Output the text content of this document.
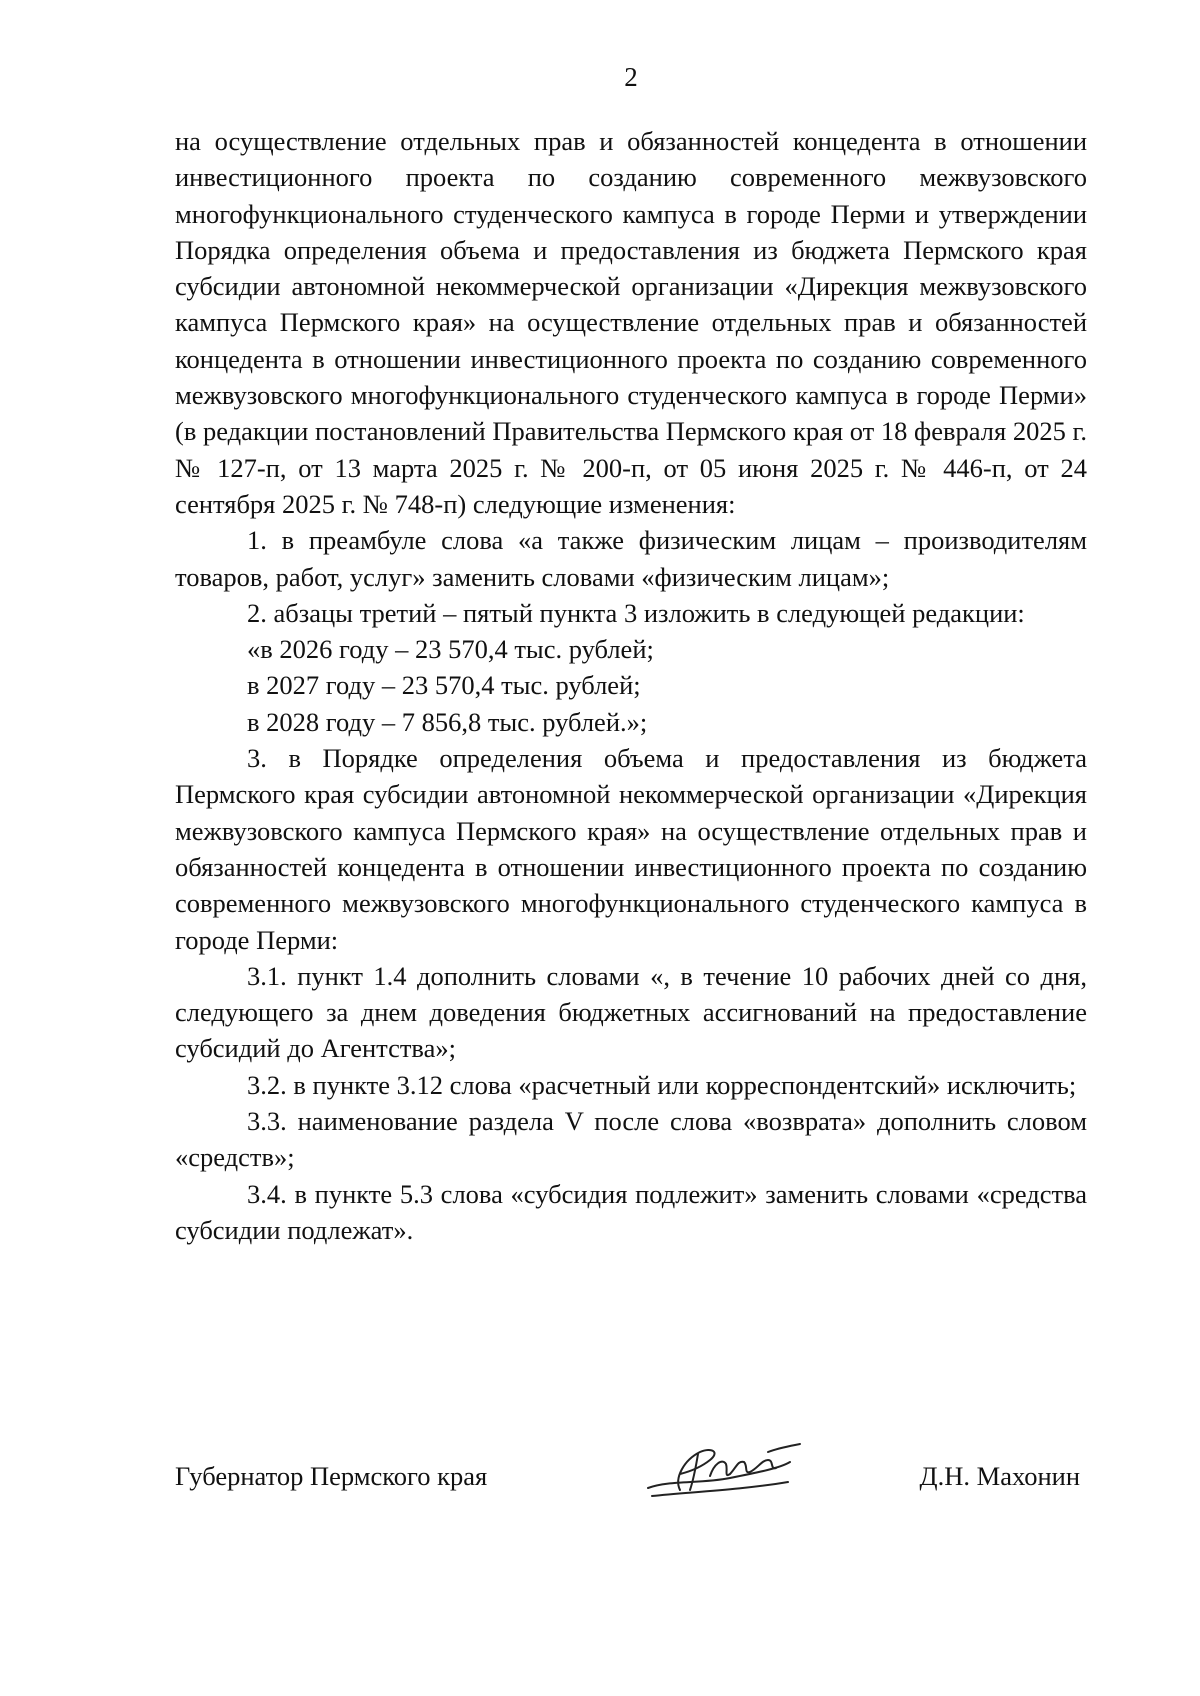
2

на осуществление отдельных прав и обязанностей концедента в отношении инвестиционного проекта по созданию современного межвузовского многофункционального студенческого кампуса в городе Перми и утверждении Порядка определения объема и предоставления из бюджета Пермского края субсидии автономной некоммерческой организации «Дирекция межвузовского кампуса Пермского края» на осуществление отдельных прав и обязанностей концедента в отношении инвестиционного проекта по созданию современного межвузовского многофункционального студенческого кампуса в городе Перми» (в редакции постановлений Правительства Пермского края от 18 февраля 2025 г. № 127-п, от 13 марта 2025 г. № 200-п, от 05 июня 2025 г. № 446-п, от 24 сентября 2025 г. № 748-п) следующие изменения:

1. в преамбуле слова «а также физическим лицам – производителям товаров, работ, услуг» заменить словами «физическим лицам»;

2. абзацы третий – пятый пункта 3 изложить в следующей редакции:

«в 2026 году – 23 570,4 тыс. рублей;

в 2027 году – 23 570,4 тыс. рублей;

в 2028 году – 7 856,8 тыс. рублей.»;

3. в Порядке определения объема и предоставления из бюджета Пермского края субсидии автономной некоммерческой организации «Дирекция межвузовского кампуса Пермского края» на осуществление отдельных прав и обязанностей концедента в отношении инвестиционного проекта по созданию современного межвузовского многофункционального студенческого кампуса в городе Перми:

3.1. пункт 1.4 дополнить словами «, в течение 10 рабочих дней со дня, следующего за днем доведения бюджетных ассигнований на предоставление субсидий до Агентства»;

3.2. в пункте 3.12 слова «расчетный или корреспондентский» исключить;

3.3. наименование раздела V после слова «возврата» дополнить словом «средств»;

3.4. в пункте 5.3 слова «субсидия подлежит» заменить словами «средства субсидии подлежат».

Губернатор Пермского края	Д.Н. Махонин
